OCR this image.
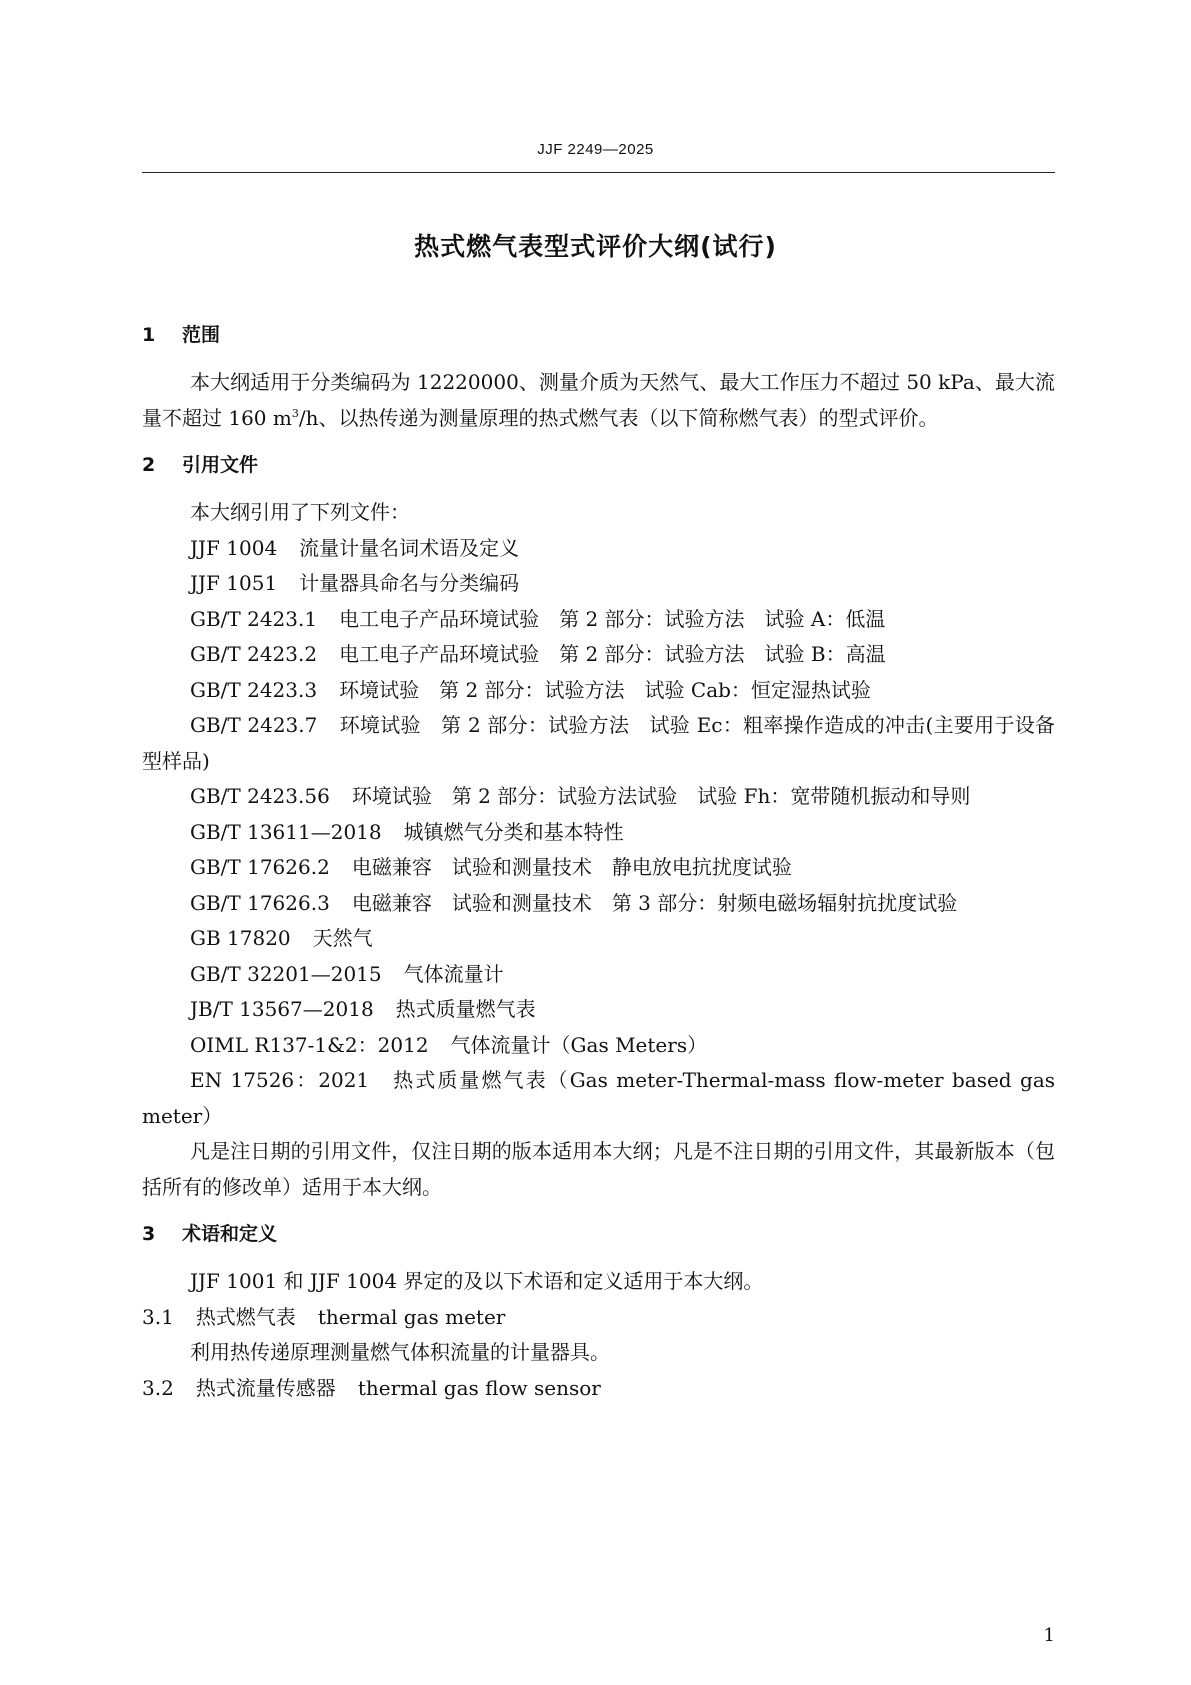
JJF 2249—2025
热式燃气表型式评价大纲(试行)
1 范围

本大纲适用于分类编码为 12220000、测量介质为天然气、最大工作压力不超过 50 kPa、最大流量不超过 160 $m^3/h$、以热传递为测量原理的热式燃气表（以下简称燃气表）的型式评价。

2 引用文件

本大纲引用了下列文件：

JJF 1004 流量计量名词术语及定义

JJF 1051 计量器具命名与分类编码

GB/T 2423.1 电工电子产品环境试验　第 2 部分：试验方法　试验 A：低温

GB/T 2423.2 电工电子产品环境试验　第 2 部分：试验方法　试验 B：高温

GB/T 2423.3 环境试验　第 2 部分：试验方法　试验 Cab：恒定湿热试验

GB/T 2423.7 环境试验　第 2 部分：试验方法　试验 Ec：粗率操作造成的冲击(主要用于设备型样品)

GB/T 2423.56 环境试验　第 2 部分：试验方法试验　试验 Fh：宽带随机振动和导则

GB/T 13611—2018 城镇燃气分类和基本特性

GB/T 17626.2 电磁兼容　试验和测量技术　静电放电抗扰度试验

GB/T 17626.3 电磁兼容　试验和测量技术　第 3 部分：射频电磁场辐射抗扰度试验

GB 17820 天然气

GB/T 32201—2015 气体流量计

JB/T 13567—2018 热式质量燃气表

OIML R137-1&2：2012 气体流量计（Gas Meters）

EN 17526：2021 热式质量燃气表（Gas meter-Thermal-mass flow-meter based gas meter）

凡是注日期的引用文件，仅注日期的版本适用本大纲；凡是不注日期的引用文件，其最新版本（包括所有的修改单）适用于本大纲。

3 术语和定义

JJF 1001 和 JJF 1004 界定的及以下术语和定义适用于本大纲。

3.1 热式燃气表 thermal gas meter

利用热传递原理测量燃气体积流量的计量器具。

3.2 热式流量传感器 thermal gas flow sensor

1
